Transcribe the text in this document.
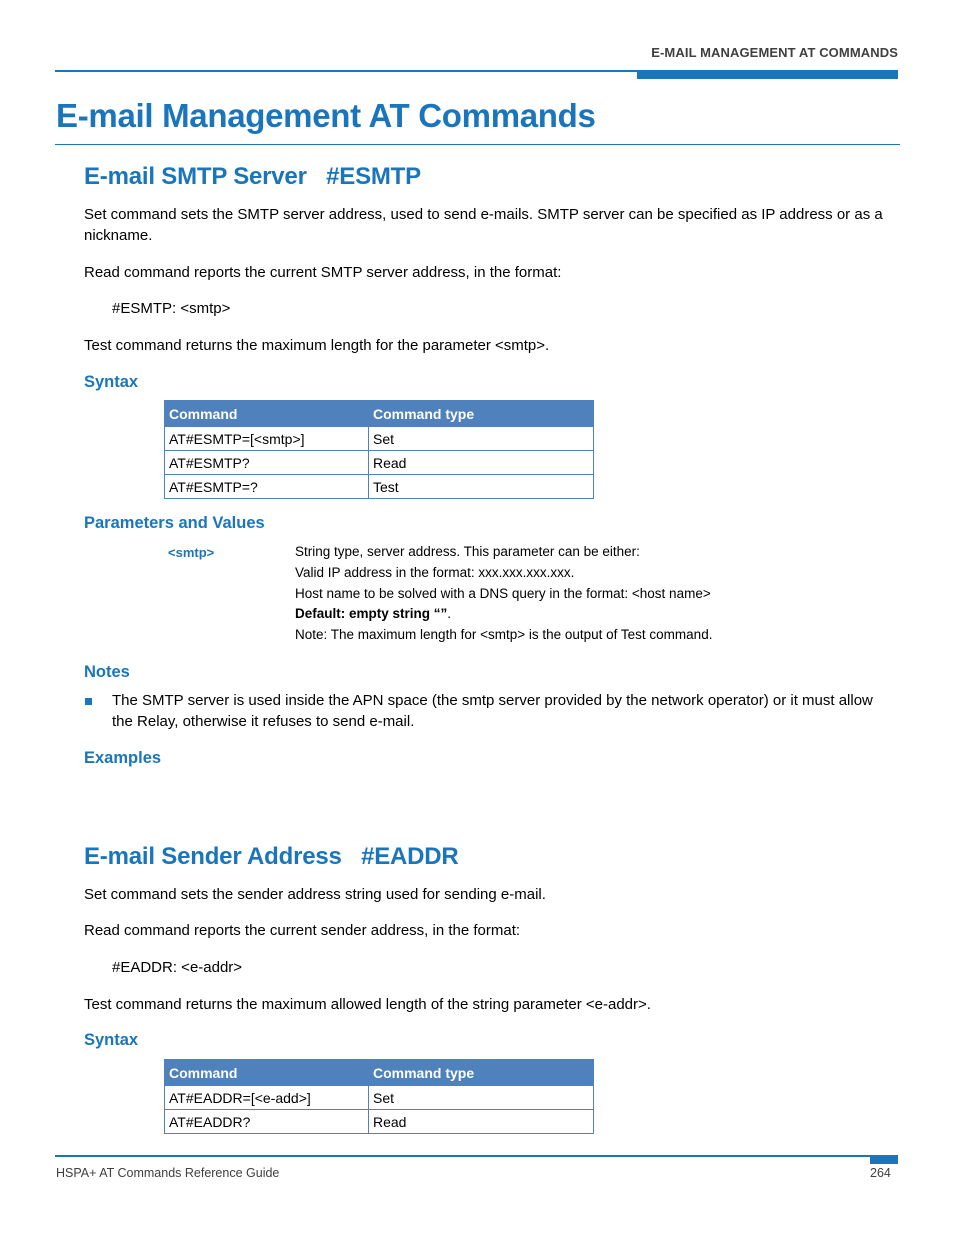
E-MAIL MANAGEMENT AT COMMANDS
E-mail Management AT Commands
E-mail SMTP Server   #ESMTP

Set command sets the SMTP server address, used to send e-mails. SMTP server can be specified as IP address or as a nickname.

Read command reports the current SMTP server address, in the format:

#ESMTP: <smtp>

Test command returns the maximum length for the parameter <smtp>.

Syntax
Command	Command type
AT#ESMTP=[<smtp>]	Set
AT#ESMTP?	Read
AT#ESMTP=?	Test
Parameters and Values
<smtp>	String type, server address. This parameter can be either:
Valid IP address in the format: xxx.xxx.xxx.xxx.
Host name to be solved with a DNS query in the format: <host name>
Default: empty string “”.
Note: The maximum length for <smtp> is the output of Test command.
Notes

The SMTP server is used inside the APN space (the smtp server provided by the network operator) or it must allow the Relay, otherwise it refuses to send e-mail.

Examples
E-mail Sender Address   #EADDR

Set command sets the sender address string used for sending e-mail.

Read command reports the current sender address, in the format:

#EADDR: <e-addr>

Test command returns the maximum allowed length of the string parameter <e-addr>.

Syntax
Command	Command type
AT#EADDR=[<e-add>]	Set
AT#EADDR?	Read
HSPA+ AT Commands Reference Guide	264
